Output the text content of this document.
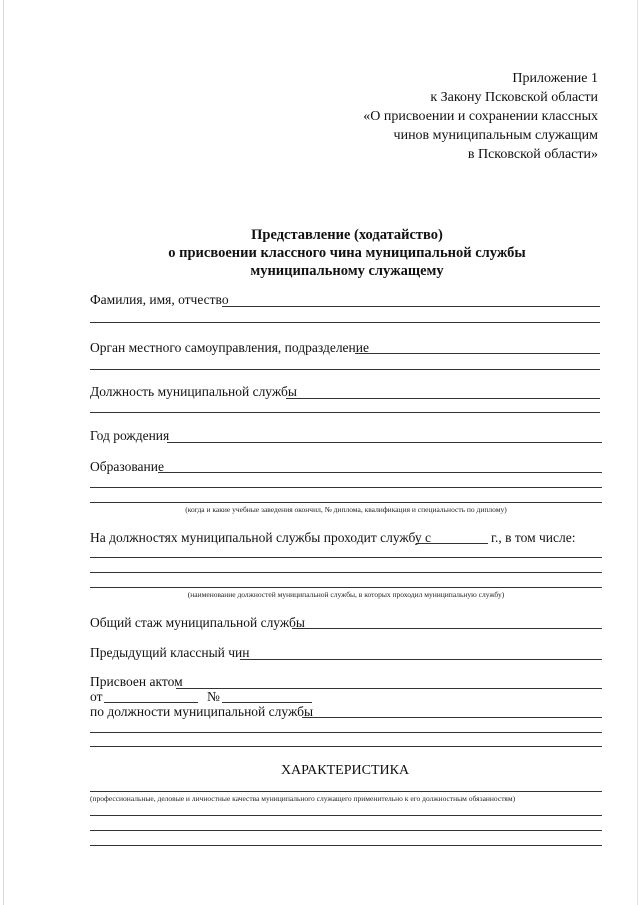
Приложение 1
к Закону Псковской области
«О присвоении и сохранении классных
чинов муниципальным служащим
в Псковской области»
Представление (ходатайство)
о присвоении классного чина муниципальной службы
муниципальному служащему
Фамилия, имя, отчество
Орган местного самоуправления, подразделение
Должность муниципальной службы
Год рождения
Образование
(когда и какие учебные заведения окончил, № диплома, квалификация и специальность по диплому)
На должностях муниципальной службы проходит службу с	г., в том числе:
(наименование должностей муниципальной службы, в которых проходил муниципальную службу)
Общий стаж муниципальной службы
Предыдущий классный чин
Присвоен актом
от	№
по должности муниципальной службы
ХАРАКТЕРИСТИКА
(профессиональные, деловые и личностные качества муниципального служащего применительно к его должностным обязанностям)
